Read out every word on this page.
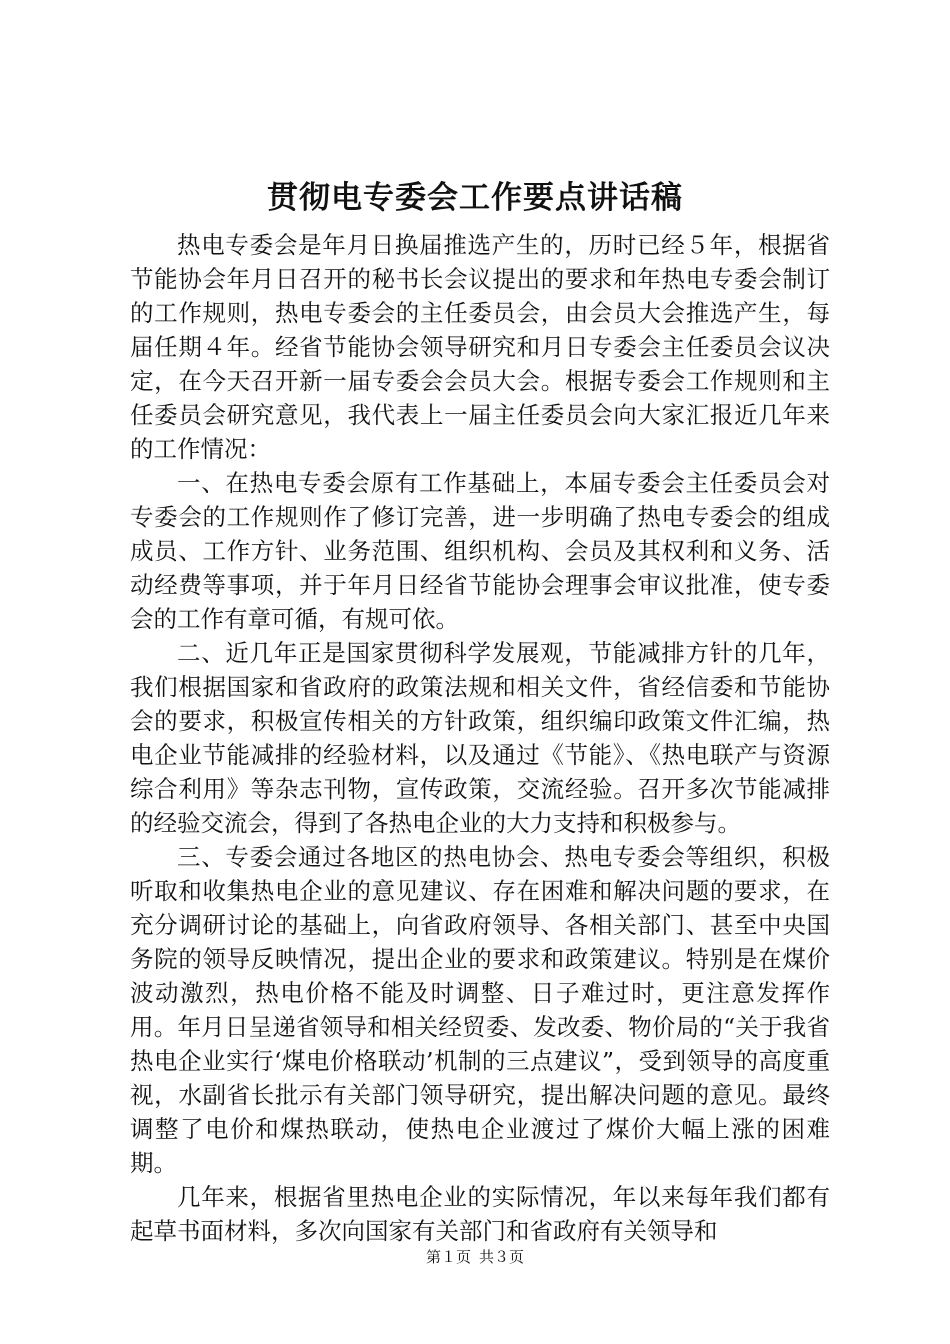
贯彻电专委会工作要点讲话稿

热电专委会是年月日换届推选产生的，历时已经５年，根据省节能协会年月日召开的秘书长会议提出的要求和年热电专委会制订的工作规则，热电专委会的主任委员会，由会员大会推选产生，每届任期４年。经省节能协会领导研究和月日专委会主任委员会议决定，在今天召开新一届专委会会员大会。根据专委会工作规则和主任委员会研究意见，我代表上一届主任委员会向大家汇报近几年来的工作情况：

一、在热电专委会原有工作基础上，本届专委会主任委员会对专委会的工作规则作了修订完善，进一步明确了热电专委会的组成成员、工作方针、业务范围、组织机构、会员及其权利和义务、活动经费等事项，并于年月日经省节能协会理事会审议批准，使专委会的工作有章可循，有规可依。

二、近几年正是国家贯彻科学发展观，节能减排方针的几年，我们根据国家和省政府的政策法规和相关文件，省经信委和节能协会的要求，积极宣传相关的方针政策，组织编印政策文件汇编，热电企业节能减排的经验材料，以及通过《节能》、《热电联产与资源综合利用》等杂志刊物，宣传政策，交流经验。召开多次节能减排的经验交流会，得到了各热电企业的大力支持和积极参与。

三、专委会通过各地区的热电协会、热电专委会等组织，积极听取和收集热电企业的意见建议、存在困难和解决问题的要求，在充分调研讨论的基础上，向省政府领导、各相关部门、甚至中央国务院的领导反映情况，提出企业的要求和政策建议。特别是在煤价波动激烈，热电价格不能及时调整、日子难过时，更注意发挥作用。年月日呈递省领导和相关经贸委、发改委、物价局的“关于我省热电企业实行‘煤电价格联动’机制的三点建议”，受到领导的高度重视，水副省长批示有关部门领导研究，提出解决问题的意见。最终调整了电价和煤热联动，使热电企业渡过了煤价大幅上涨的困难期。

几年来，根据省里热电企业的实际情况，年以来每年我们都有起草书面材料，多次向国家有关部门和省政府有关领导和

第１页 共３页
